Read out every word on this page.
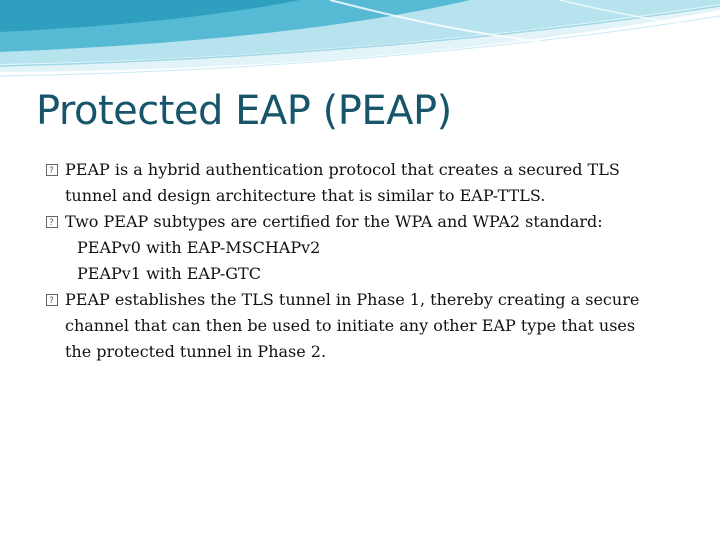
Protected EAP (PEAP)
?
PEAP is a hybrid authentication protocol that creates a secured TLS
tunnel and design architecture that is similar to EAP-TTLS.
?
Two PEAP subtypes are certified for the WPA and WPA2 standard:
PEAPv0 with EAP-MSCHAPv2
PEAPv1 with EAP-GTC
?
PEAP establishes the TLS tunnel in Phase 1, thereby creating a secure
channel that can then be used to initiate any other EAP type that uses
the protected tunnel in Phase 2.
